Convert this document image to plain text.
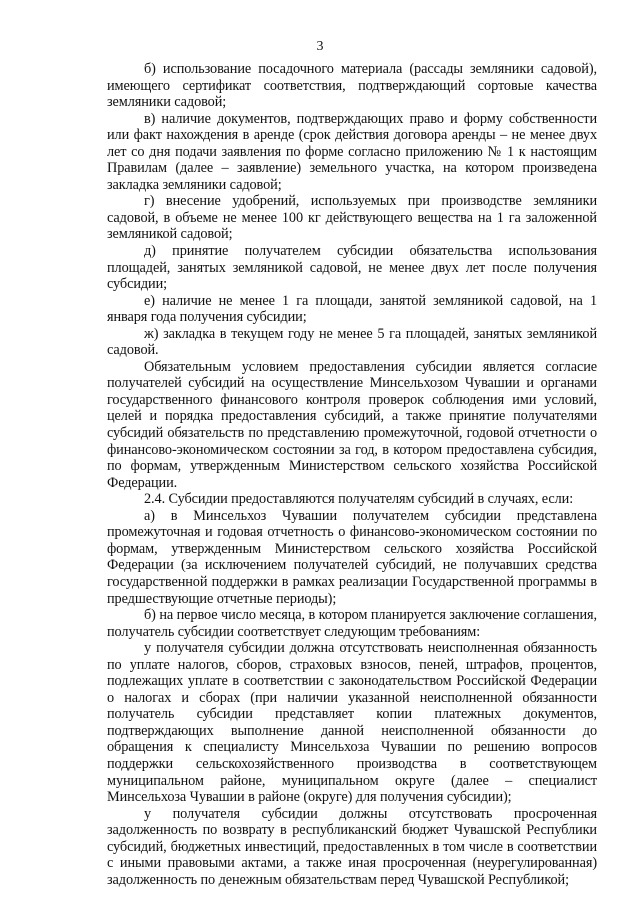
3

б) использование посадочного материала (рассады земляники садовой), имеющего сертификат соответствия, подтверждающий сортовые качества земляники садовой;

в) наличие документов, подтверждающих право и форму собственности или факт нахождения в аренде (срок действия договора аренды – не менее двух лет со дня подачи заявления по форме согласно приложению № 1 к настоящим Правилам (далее – заявление) земельного участка, на котором произведена закладка земляники садовой;

г) внесение удобрений, используемых при производстве земляники садовой, в объеме не менее 100 кг действующего вещества на 1 га заложенной земляникой садовой;

д) принятие получателем субсидии обязательства использования площадей, занятых земляникой садовой, не менее двух лет после получения субсидии;

е) наличие не менее 1 га площади, занятой земляникой садовой, на 1 января года получения субсидии;

ж) закладка в текущем году не менее 5 га площадей, занятых земляникой садовой.

Обязательным условием предоставления субсидии является согласие получателей субсидий на осуществление Минсельхозом Чувашии и органами государственного финансового контроля проверок соблюдения ими условий, целей и порядка предоставления субсидий, а также принятие получателями субсидий обязательств по представлению промежуточной, годовой отчетности о финансово-экономическом состоянии за год, в котором предоставлена субсидия, по формам, утвержденным Министерством сельского хозяйства Российской Федерации.

2.4. Субсидии предоставляются получателям субсидий в случаях, если:

а) в Минсельхоз Чувашии получателем субсидии представлена промежуточная и годовая отчетность о финансово-экономическом состоянии по формам, утвержденным Министерством сельского хозяйства Российской Федерации (за исключением получателей субсидий, не получавших средства государственной поддержки в рамках реализации Государственной программы в предшествующие отчетные периоды);

б) на первое число месяца, в котором планируется заключение соглашения, получатель субсидии соответствует следующим требованиям:

у получателя субсидии должна отсутствовать неисполненная обязанность по уплате налогов, сборов, страховых взносов, пеней, штрафов, процентов, подлежащих уплате в соответствии с законодательством Российской Федерации о налогах и сборах (при наличии указанной неисполненной обязанности получатель субсидии представляет копии платежных документов, подтверждающих выполнение данной неисполненной обязанности до обращения к специалисту Минсельхоза Чувашии по решению вопросов поддержки сельскохозяйственного производства в соответствующем муниципальном районе, муниципальном округе (далее – специалист Минсельхоза Чувашии в районе (округе) для получения субсидии);

у получателя субсидии должны отсутствовать просроченная задолженность по возврату в республиканский бюджет Чувашской Республики субсидий, бюджетных инвестиций, предоставленных в том числе в соответствии с иными правовыми актами, а также иная просроченная (неурегулированная) задолженность по денежным обязательствам перед Чувашской Республикой;
